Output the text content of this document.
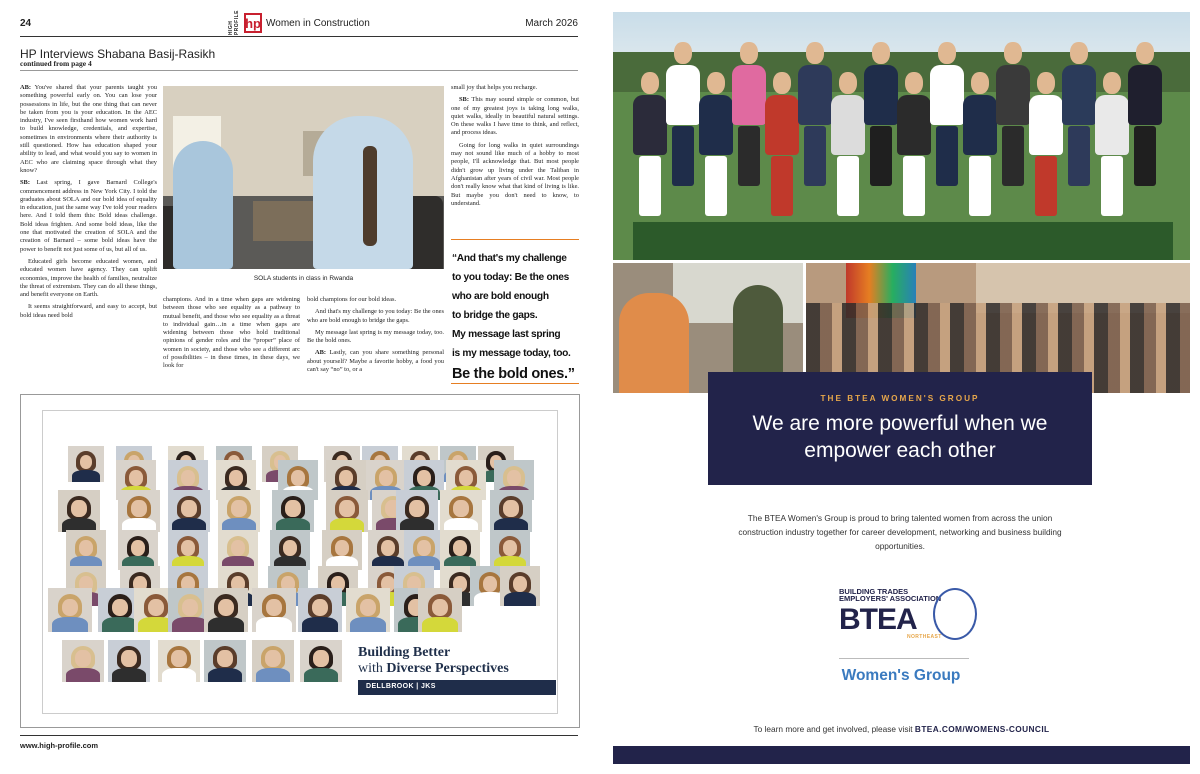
24	HIGH PROFILE hp Women in Construction	March 2026
HP Interviews Shabana Basij-Rasikh
continued from page 4

AB: You've shared that your parents taught you something powerful early on. You can lose your possessions in life, but the one thing that can never be taken from you is your education. In the AEC industry, I've seen firsthand how women work hard to build knowledge, credentials, and expertise, sometimes in environments where their authority is still questioned. How has education shaped your ability to lead, and what would you say to women in AEC who are claiming space through what they know?

SB: Last spring, I gave Barnard College's commencement address in New York City. I told the graduates about SOLA and our bold idea of equality in education, just the same way I've told your readers here. And I told them this: Bold ideas challenge. Bold ideas frighten. And some bold ideas, like the one that motivated the creation of SOLA and the creation of Barnard – some bold ideas have the power to benefit not just some of us, but all of us.

Educated girls become educated women, and educated women have agency. They can uplift economies, improve the health of families, neutralize the threat of extremism. They can do all these things, and benefit everyone on Earth.

It seems straightforward, and easy to accept, but bold ideas need bold

SOLA students in class in Rwanda

champions. And in a time when gaps are widening between those who see equality as a pathway to mutual benefit, and those who see equality as a threat to individual gain…in a time when gaps are widening between those who hold traditional opinions of gender roles and the “proper” place of women in society, and those who see a different arc of possibilities – in these times, in these days, we look for

bold champions for our bold ideas.

And that's my challenge to you today: Be the ones who are bold enough to bridge the gaps.

My message last spring is my message today, too. Be the bold ones.

AB: Lastly, can you share something personal about yourself? Maybe a favorite hobby, a food you can't say “no” to, or a

small joy that helps you recharge.

SB: This may sound simple or common, but one of my greatest joys is taking long walks, quiet walks, ideally in beautiful natural settings. On these walks I have time to think, and reflect, and process ideas.

Going for long walks in quiet surroundings may not sound like much of a hobby to most people, I'll acknowledge that. But most people didn't grow up living under the Taliban in Afghanistan after years of civil war. Most people don't really know what that kind of living is like. But maybe you don't need to know, to understand.

“And that's my challenge
to you today: Be the ones
who are bold enough
to bridge the gaps.
My message last spring
is my message today, too.
Be the bold ones.”
Building Better
with Diverse Perspectives
DELLBROOK | JKS
www.high-profile.com
THE BTEA WOMEN'S GROUP
We are more powerful when we empower each other
The BTEA Women's Group is proud to bring talented women from across the union construction industry together for career development, networking and business building opportunities.
BUILDING TRADES
EMPLOYERS' ASSOCIATION
BTEA
NORTHEAST
Women's Group
To learn more and get involved, please visit BTEA.COM/WOMENS-COUNCIL
